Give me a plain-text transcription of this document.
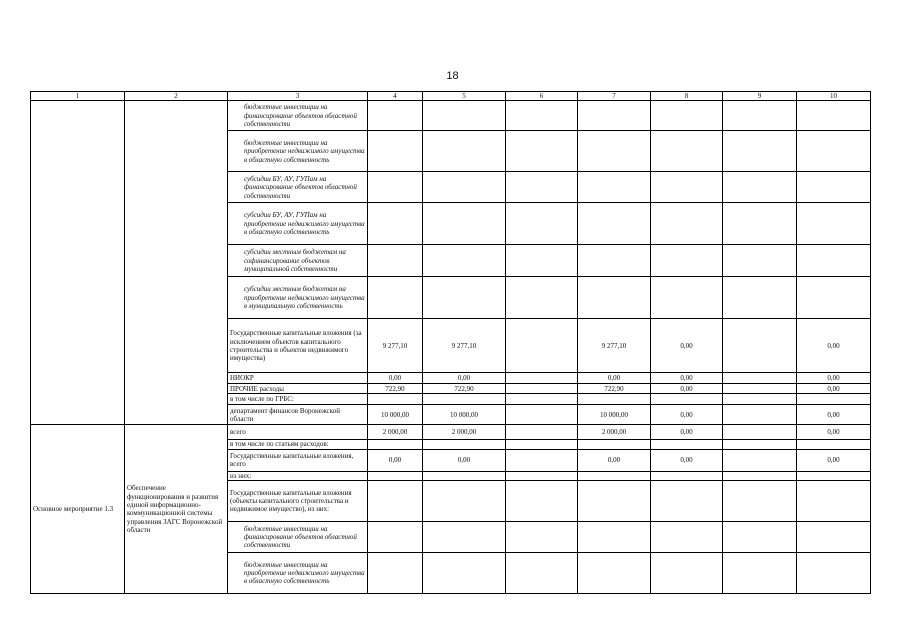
18
1	2	3	4	5	6	7	8	9	10
		бюджетные инвестиции на финансирование объектов областной собственности							
		бюджетные инвестиции на приобретение недвижимого имущества в областную собственность							
		субсидии БУ, АУ, ГУПам на финансирование объектов областной собственности							
		субсидии БУ, АУ, ГУПам на приобретение недвижимого имущества в областную собственность							
		субсидии местным бюджетам на софинансирование объектов муниципальной собственности							
		субсидии местным бюджетам на приобретение недвижимого имущества в муниципальную собственность							
		Государственные капитальные вложения (за исключением объектов капитального строительства и объектов недвижимого имущества)	9 277,10	9 277,10		9 277,10	0,00		0,00
		НИОКР	0,00	0,00		0,00	0,00		0,00
		ПРОЧИЕ расходы	722,90	722,90		722,90	0,00		0,00
		в том числе по ГРБС:							
		департамент финансов Воронежской области	10 000,00	10 000,00		10 000,00	0,00		0,00
Основное мероприятие 1.3	Обеспечение функционирования и развития единой информационно-коммуникационной системы управления ЗАГС Воронежской области	всего	2 000,00	2 000,00		2 000,00	0,00		0,00
		в том числе по статьям расходов:							
		Государственные капитальные вложения, всего	0,00	0,00		0,00	0,00		0,00
		из них:							
		Государственные капитальные вложения (объекты капитального строительства и недвижимое имущество), из них:							
		бюджетные инвестиции на финансирование объектов областной собственности							
		бюджетные инвестиции на приобретение недвижимого имущества в областную собственность							
